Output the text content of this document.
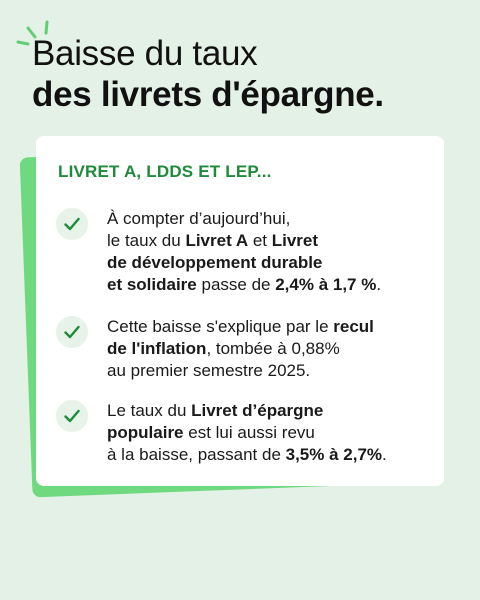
Baisse du taux
des livrets d'épargne.
LIVRET A, LDDS ET LEP...
À compter d’aujourd’hui,
le taux du Livret A et Livret
de développement durable
et solidaire passe de 2,4% à 1,7 %.
Cette baisse s'explique par le recul
de l'inflation, tombée à 0,88%
au premier semestre 2025.
Le taux du Livret d’épargne
populaire est lui aussi revu
à la baisse, passant de 3,5% à 2,7%.
